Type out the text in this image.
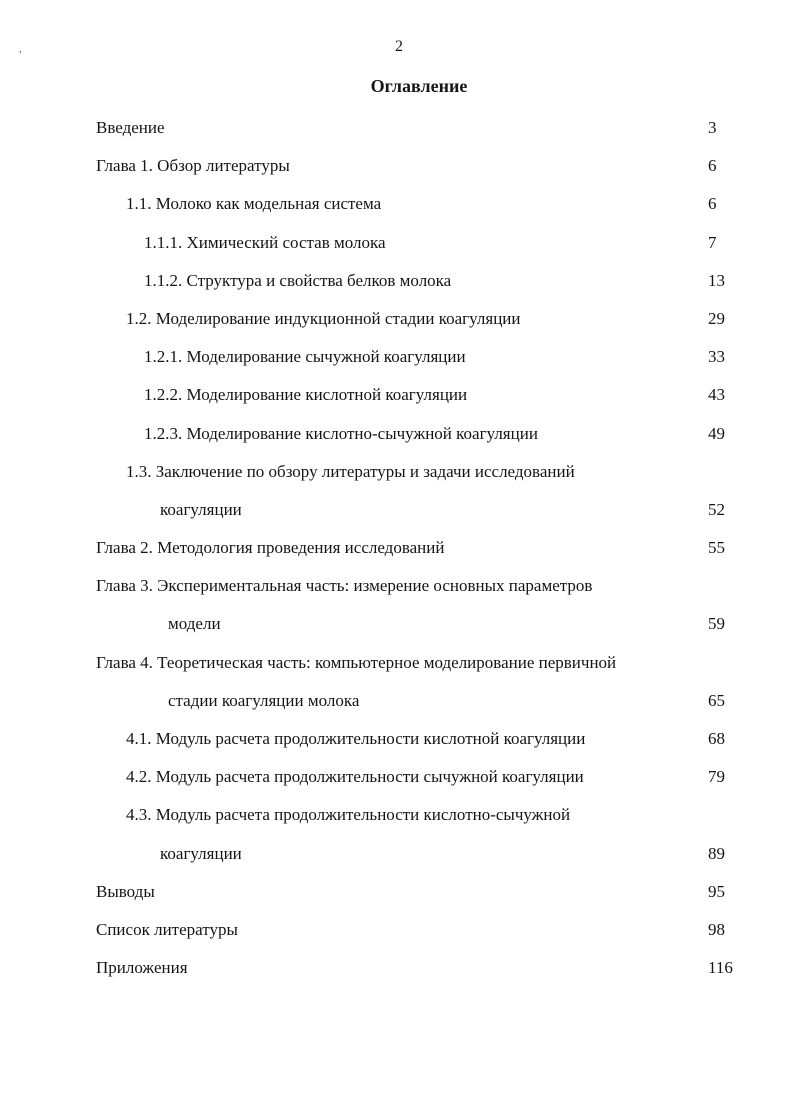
,	2
Оглавление
Введение	3
Глава 1. Обзор литературы	6
1.1. Молоко как модельная система	6
1.1.1. Химический состав молока	7
1.1.2. Структура и свойства белков молока	13
1.2. Моделирование индукционной стадии коагуляции	29
1.2.1. Моделирование сычужной коагуляции	33
1.2.2. Моделирование кислотной коагуляции	43
1.2.3. Моделирование кислотно-сычужной коагуляции	49
1.3. Заключение по обзору литературы и задачи исследований
коагуляции	52
Глава 2. Методология проведения исследований	55
Глава 3. Экспериментальная часть: измерение основных параметров
модели	59
Глава 4. Теоретическая часть: компьютерное моделирование первичной
стадии коагуляции молока	65
4.1. Модуль расчета продолжительности кислотной коагуляции	68
4.2. Модуль расчета продолжительности сычужной коагуляции	79
4.3. Модуль расчета продолжительности кислотно-сычужной
коагуляции	89
Выводы	95
Список литературы	98
Приложения	116
